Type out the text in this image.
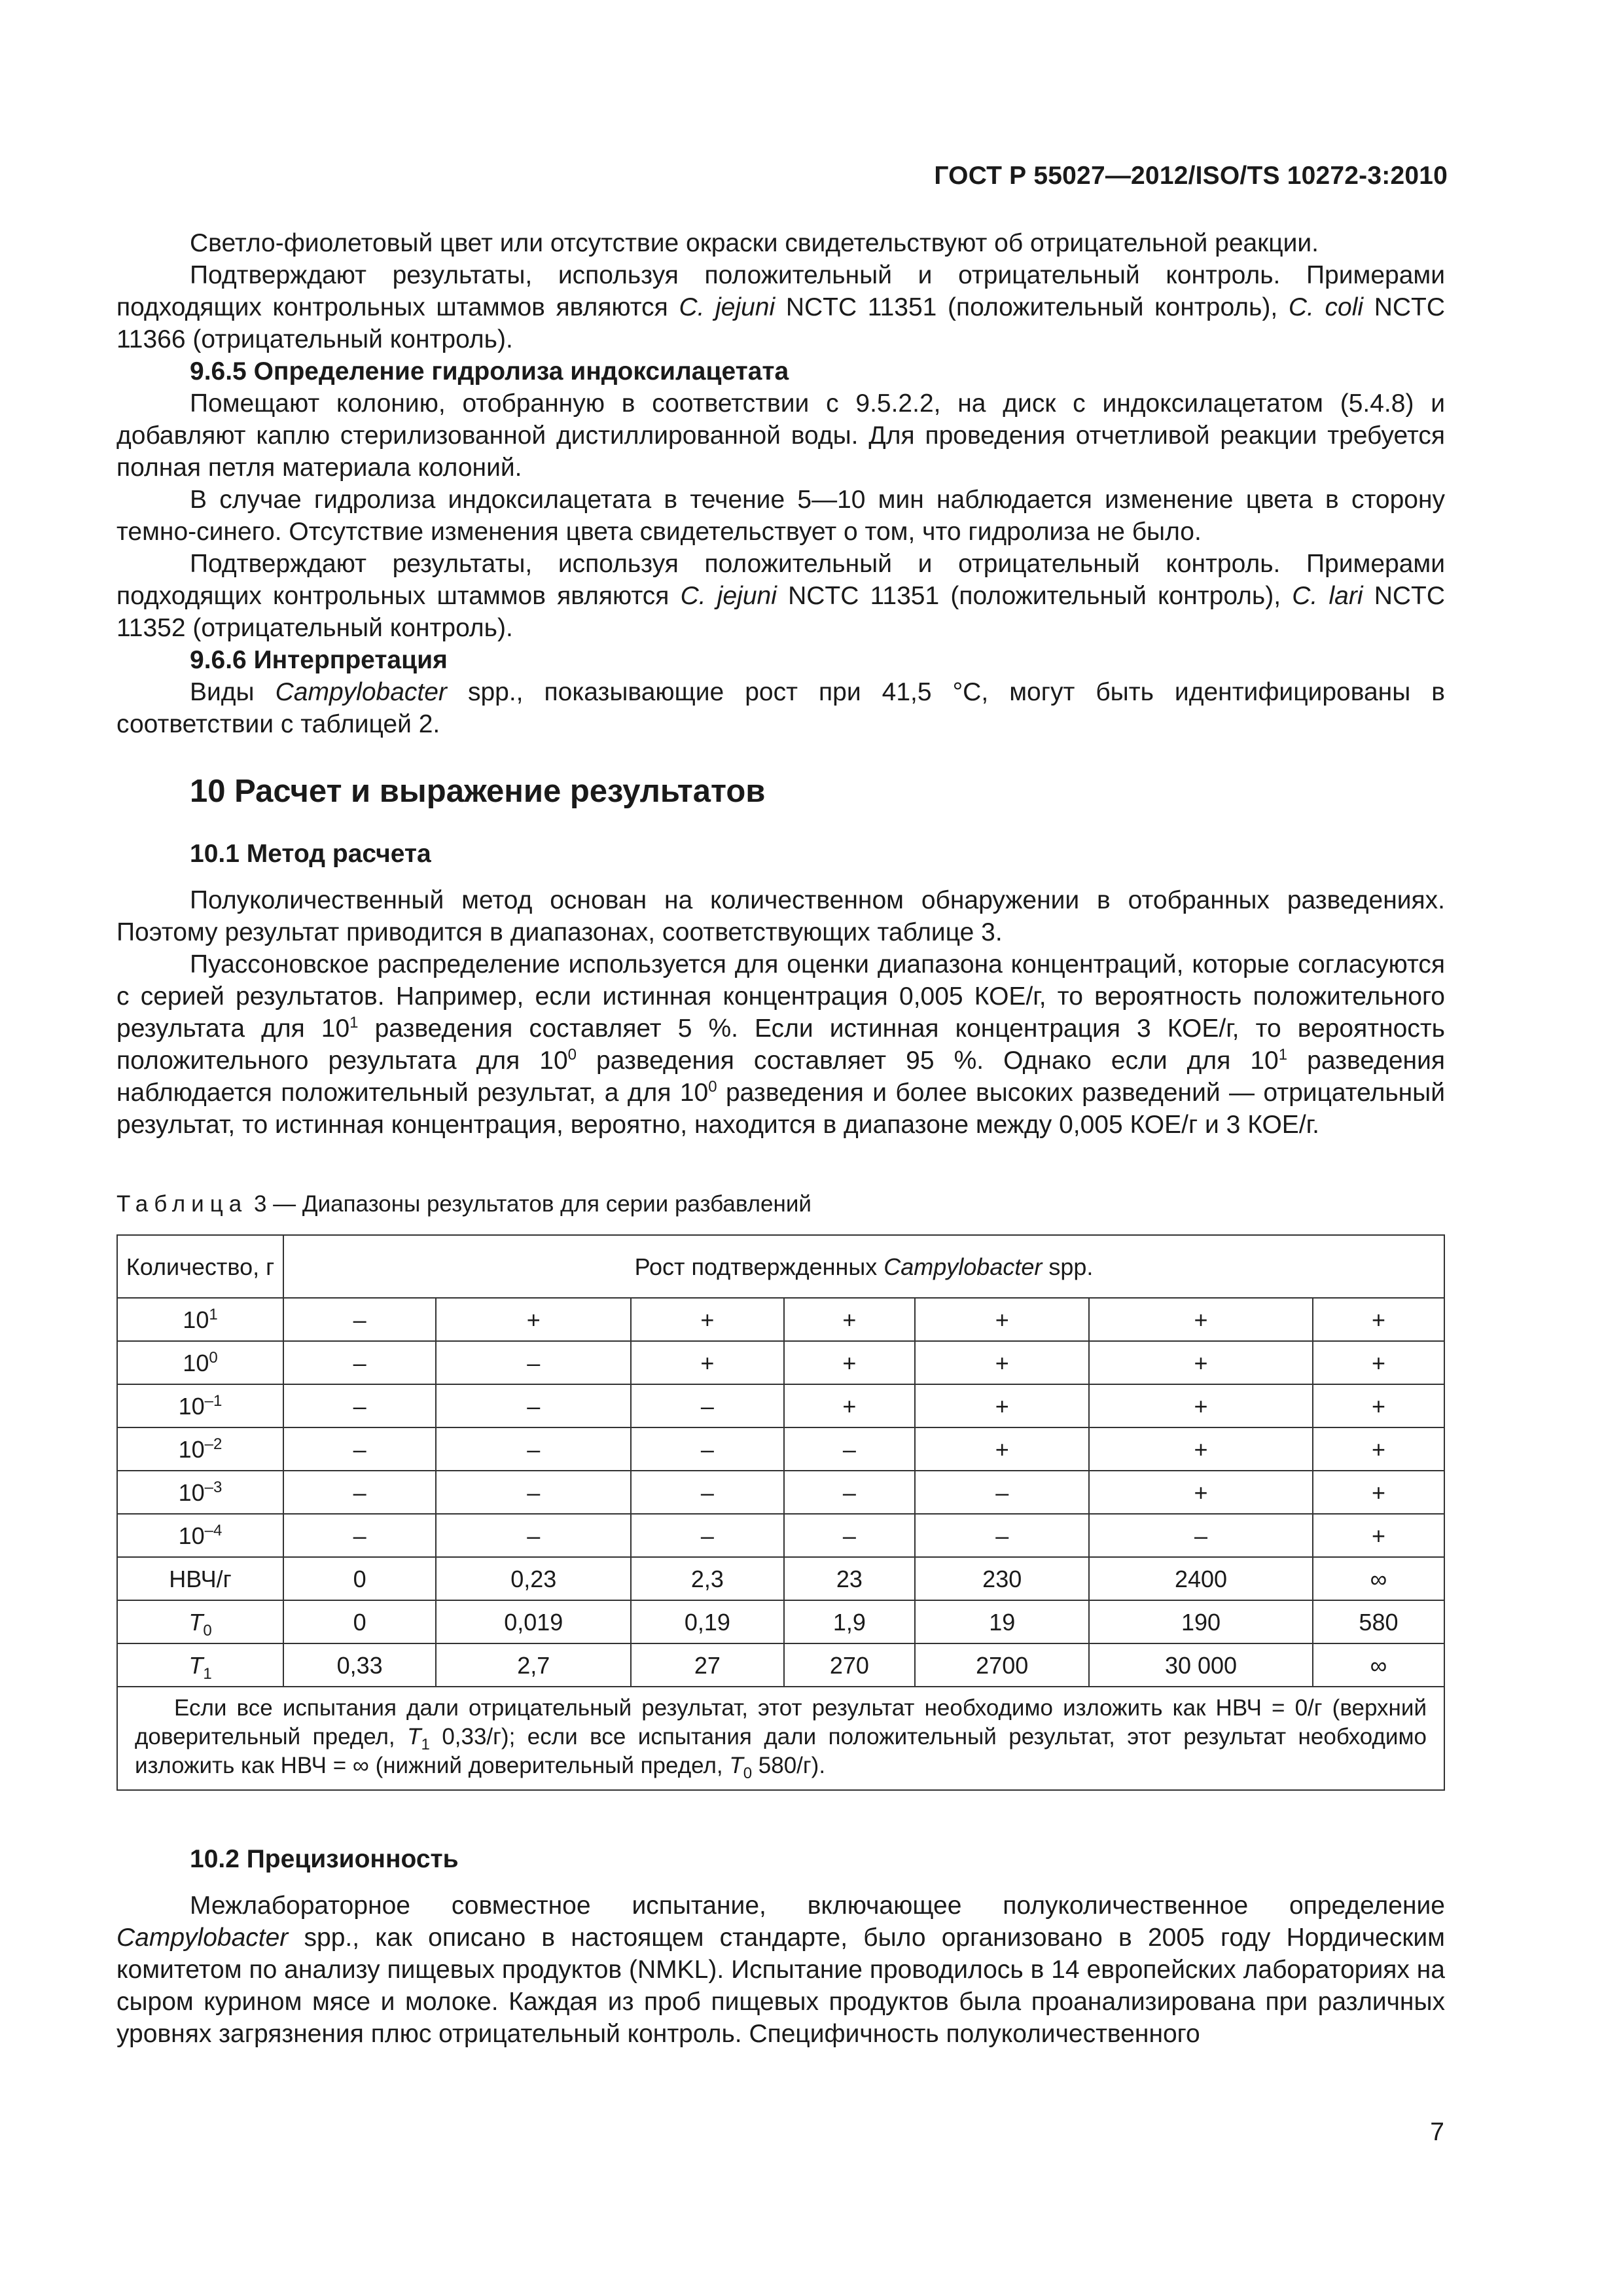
ГОСТ Р 55027—2012/ISO/TS 10272-3:2010

Светло-фиолетовый цвет или отсутствие окраски свидетельствуют об отрицательной реакции.

Подтверждают результаты, используя положительный и отрицательный контроль. Примерами подходящих контрольных штаммов являются C. jejuni NCTC 11351 (положительный контроль), C. coli NCTC 11366 (отрицательный контроль).

9.6.5 Определение гидролиза индоксилацетата

Помещают колонию, отобранную в соответствии с 9.5.2.2, на диск с индоксилацетатом (5.4.8) и добавляют каплю стерилизованной дистиллированной воды. Для проведения отчетливой реакции требуется полная петля материала колоний.

В случае гидролиза индоксилацетата в течение 5—10 мин наблюдается изменение цвета в сторону темно-синего. Отсутствие изменения цвета свидетельствует о том, что гидролиза не было.

Подтверждают результаты, используя положительный и отрицательный контроль. Примерами подходящих контрольных штаммов являются C. jejuni NCTC 11351 (положительный контроль), C. lari NCTC 11352 (отрицательный контроль).

9.6.6 Интерпретация

Виды Campylobacter spp., показывающие рост при 41,5 °С, могут быть идентифицированы в соответствии с таблицей 2.

10 Расчет и выражение результатов
10.1 Метод расчета

Полуколичественный метод основан на количественном обнаружении в отобранных разведениях. Поэтому результат приводится в диапазонах, соответствующих таблице 3.

Пуассоновское распределение используется для оценки диапазона концентраций, которые согласуются с серией результатов. Например, если истинная концентрация 0,005 КОЕ/г, то вероятность положительного результата для $10^1$ разведения составляет 5 %. Если истинная концентрация 3 КОЕ/г, то вероятность положительного результата для $10^0$ разведения составляет 95 %. Однако если для $10^1$ разведения наблюдается положительный результат, а для $10^0$ разведения и более высоких разведений — отрицательный результат, то истинная концентрация, вероятно, находится в диапазоне между 0,005 КОЕ/г и 3 КОЕ/г.

Таблица 3 — Диапазоны результатов для серии разбавлений
Количество, г	Рост подтвержденных Campylobacter spp.						
$10^1$	–	+	+	+	+	+	+
$10^0$	–	–	+	+	+	+	+
$10^{-1}$	–	–	–	+	+	+	+
$10^{-2}$	–	–	–	–	+	+	+
$10^{-3}$	–	–	–	–	–	+	+
$10^{-4}$	–	–	–	–	–	–	+
НВЧ/г	0	0,23	2,3	23	230	2400	∞
$T_0$	0	0,019	0,19	1,9	19	190	580
$T_1$	0,33	2,7	27	270	2700	30 000	∞
Если все испытания дали отрицательный результат, этот результат необходимо изложить как НВЧ = 0/г (верхний доверительный предел, $T_1$ 0,33/г); если все испытания дали положительный результат, этот результат необходимо изложить как НВЧ = ∞ (нижний доверительный предел, $T_0$ 580/г).							
10.2 Прецизионность

Межлабораторное совместное испытание, включающее полуколичественное определение Campylobacter spp., как описано в настоящем стандарте, было организовано в 2005 году Нордическим комитетом по анализу пищевых продуктов (NMKL). Испытание проводилось в 14 европейских лабораториях на сыром курином мясе и молоке. Каждая из проб пищевых продуктов была проанализирована при различных уровнях загрязнения плюс отрицательный контроль. Специфичность полуколичественного

7
